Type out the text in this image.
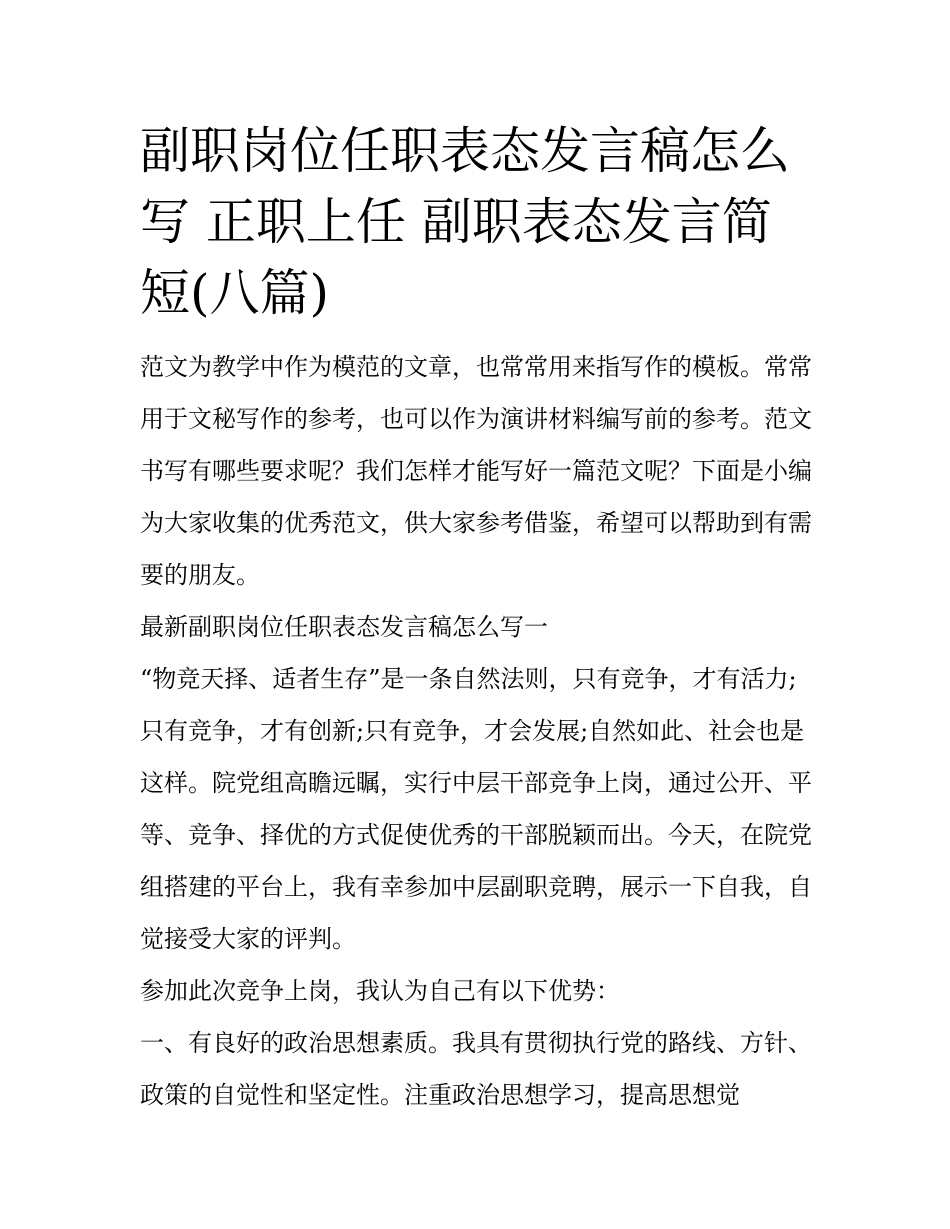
副职岗位任职表态发言稿怎么写 正职上任 副职表态发言简短(八篇)

范文为教学中作为模范的文章，也常常用来指写作的模板。常常用于文秘写作的参考，也可以作为演讲材料编写前的参考。范文书写有哪些要求呢？我们怎样才能写好一篇范文呢？下面是小编为大家收集的优秀范文，供大家参考借鉴，希望可以帮助到有需要的朋友。

最新副职岗位任职表态发言稿怎么写一

“物竞天择、适者生存”是一条自然法则，只有竞争，才有活力;只有竞争，才有创新;只有竞争，才会发展;自然如此、社会也是这样。院党组高瞻远瞩，实行中层干部竞争上岗，通过公开、平等、竞争、择优的方式促使优秀的干部脱颖而出。今天，在院党组搭建的平台上，我有幸参加中层副职竞聘，展示一下自我，自觉接受大家的评判。

参加此次竞争上岗，我认为自己有以下优势：

一、有良好的政治思想素质。我具有贯彻执行党的路线、方针、政策的自觉性和坚定性。注重政治思想学习，提高思想觉
